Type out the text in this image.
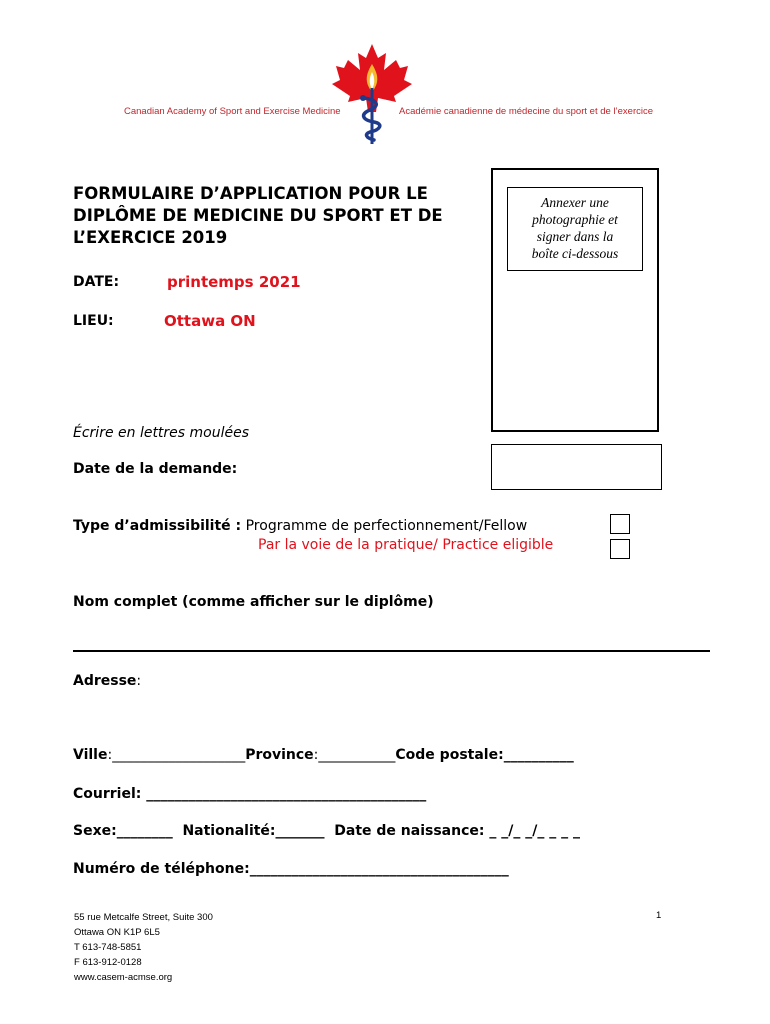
Canadian Academy of Sport and Exercise Medicine	Académie canadienne de médecine du sport et de l’exercice
FORMULAIRE D’APPLICATION POUR LE
DIPLÔME DE MEDICINE DU SPORT ET DE
L’EXERCICE 2019
DATE:	printemps 2021
LIEU:	Ottawa ON
Annexer une
photographie et
signer dans la
boîte ci-dessous
Écrire en lettres moulées
Date de la demande:
Type d’admissibilité : Programme de perfectionnement/Fellow
Par la voie de la pratique/ Practice eligible
Nom complet (comme afficher sur le diplôme)
Adresse:
Ville:___________________Province:___________Code postale:__________
Courriel: ________________________________________
Sexe:________ Nationalité:_______ Date de naissance: _ _/_ _/_ _ _ _
Numéro de téléphone:_____________________________________
55 rue Metcalfe Street, Suite 300
Ottawa ON K1P 6L5
T 613-748-5851
F 613-912-0128
www.casem-acmse.org
1
